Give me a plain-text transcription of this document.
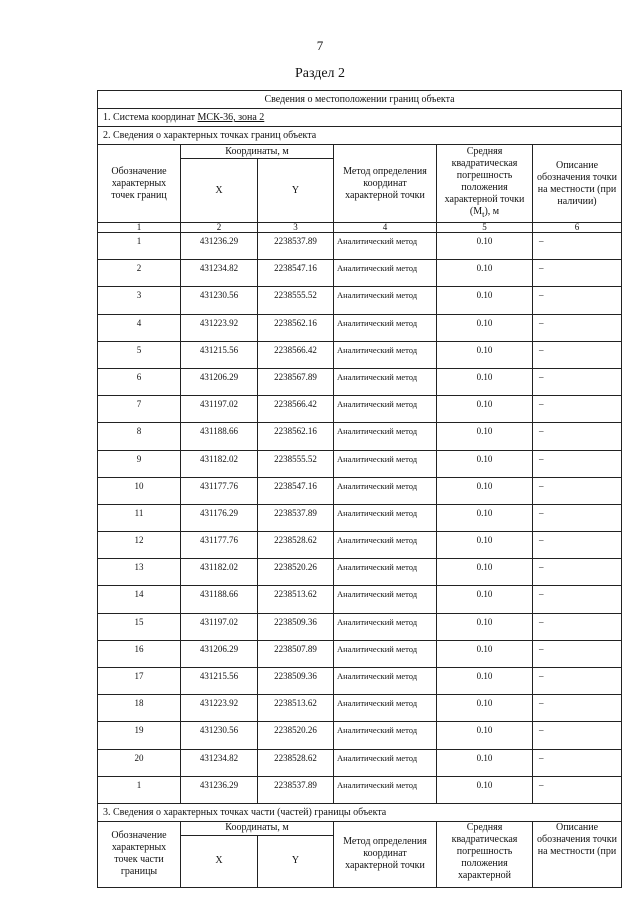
7
Раздел 2
Сведения о местоположении границ объекта					
1. Система координат МСК-36, зона 2					
2. Сведения о характерных точках границ объекта					
Обозначение характерных точек границ	Координаты, м		Метод определения координат характерной точки	Средняя квадратическая погрешность положения характерной точки $(M_t)$, м	Описание обозначения точки на местности (при наличии)
	X	Y			
1	2	3	4	5	6
1	431236.29	2238537.89	Аналитический метод	0.10	–
2	431234.82	2238547.16	Аналитический метод	0.10	–
3	431230.56	2238555.52	Аналитический метод	0.10	–
4	431223.92	2238562.16	Аналитический метод	0.10	–
5	431215.56	2238566.42	Аналитический метод	0.10	–
6	431206.29	2238567.89	Аналитический метод	0.10	–
7	431197.02	2238566.42	Аналитический метод	0.10	–
8	431188.66	2238562.16	Аналитический метод	0.10	–
9	431182.02	2238555.52	Аналитический метод	0.10	–
10	431177.76	2238547.16	Аналитический метод	0.10	–
11	431176.29	2238537.89	Аналитический метод	0.10	–
12	431177.76	2238528.62	Аналитический метод	0.10	–
13	431182.02	2238520.26	Аналитический метод	0.10	–
14	431188.66	2238513.62	Аналитический метод	0.10	–
15	431197.02	2238509.36	Аналитический метод	0.10	–
16	431206.29	2238507.89	Аналитический метод	0.10	–
17	431215.56	2238509.36	Аналитический метод	0.10	–
18	431223.92	2238513.62	Аналитический метод	0.10	–
19	431230.56	2238520.26	Аналитический метод	0.10	–
20	431234.82	2238528.62	Аналитический метод	0.10	–
1	431236.29	2238537.89	Аналитический метод	0.10	–
3. Сведения о характерных точках части (частей) границы объекта					
Обозначение характерных точек части границы	Координаты, м		Метод определения координат характерной точки	Средняя квадратическая погрешность положения характерной	Описание обозначения точки на местности (при
	X	Y			
